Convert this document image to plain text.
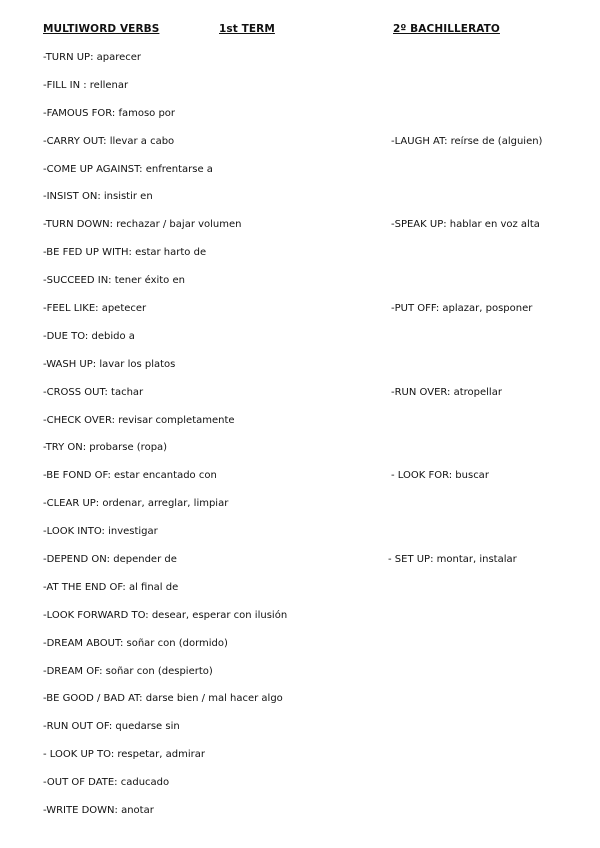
MULTIWORD VERBS	1st TERM	2º BACHILLERATO
-TURN UP: aparecer
-FILL IN : rellenar
-FAMOUS FOR: famoso por
-CARRY OUT: llevar a cabo
-COME UP AGAINST: enfrentarse a
-INSIST ON: insistir en
-TURN DOWN: rechazar / bajar volumen
-BE FED UP WITH: estar harto de
-SUCCEED IN: tener éxito en
-FEEL LIKE: apetecer
-DUE TO: debido a
-WASH UP: lavar los platos
-CROSS OUT: tachar
-CHECK OVER: revisar completamente
-TRY ON: probarse (ropa)
-BE FOND OF: estar encantado con
-CLEAR UP: ordenar, arreglar, limpiar
-LOOK INTO: investigar
-DEPEND ON: depender de
-AT THE END OF: al final de
-LOOK FORWARD TO: desear, esperar con ilusión
-DREAM ABOUT: soñar con (dormido)
-DREAM OF: soñar con (despierto)
-BE GOOD / BAD AT: darse bien / mal hacer algo
-RUN OUT OF: quedarse sin
- LOOK UP TO: respetar, admirar
-OUT OF DATE: caducado
-WRITE DOWN: anotar
-LAUGH AT: reírse de (alguien)
-SPEAK UP: hablar en voz alta
-PUT OFF: aplazar, posponer
-RUN OVER: atropellar
- LOOK FOR: buscar
- SET UP: montar, instalar
